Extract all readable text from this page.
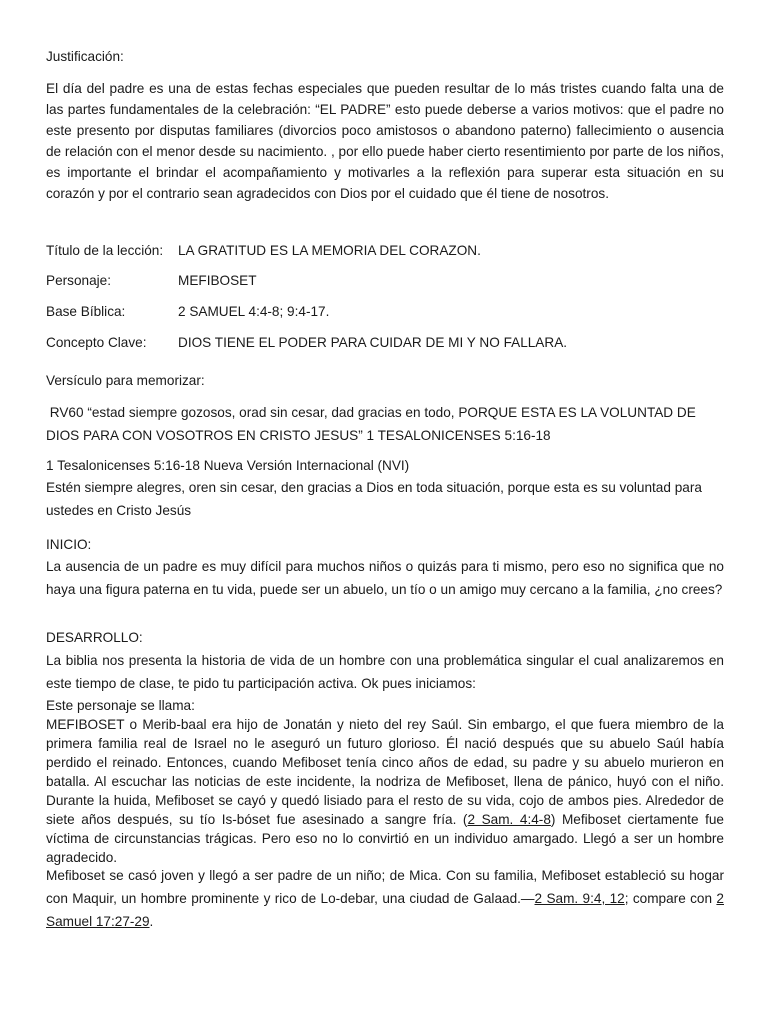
Justificación:

El día del padre es una de estas fechas especiales que pueden resultar de lo más tristes cuando falta una de las partes fundamentales de la celebración: “EL PADRE” esto puede deberse a varios motivos: que el padre no este presento por disputas familiares (divorcios poco amistosos o abandono paterno) fallecimiento o ausencia de relación con el menor desde su nacimiento. , por ello puede haber cierto resentimiento por parte de los niños, es importante el brindar el acompañamiento y motivarles a la reflexión para superar esta situación en su corazón y por el contrario sean agradecidos con Dios por el cuidado que él tiene de nosotros.

Título de la lección: LA GRATITUD ES LA MEMORIA DEL CORAZON.
Personaje:	MEFIBOSET
Base Bíblica:	2 SAMUEL 4:4-8; 9:4-17.
Concepto Clave: DIOS TIENE EL PODER PARA CUIDAR DE MI Y NO FALLARA.

Versículo para memorizar:

RV60 “estad siempre gozosos, orad sin cesar, dad gracias en todo, PORQUE ESTA ES LA VOLUNTAD DE DIOS PARA CON VOSOTROS EN CRISTO JESUS” 1 TESALONICENSES 5:16-18

1 Tesalonicenses 5:16-18 Nueva Versión Internacional (NVI)

Estén siempre alegres, oren sin cesar, den gracias a Dios en toda situación, porque esta es su voluntad para ustedes en Cristo Jesús

INICIO:

La ausencia de un padre es muy difícil para muchos niños o quizás para ti mismo, pero eso no significa que no haya una figura paterna en tu vida, puede ser un abuelo, un tío o un amigo muy cercano a la familia, ¿no crees?

DESARROLLO:

La biblia nos presenta la historia de vida de un hombre con una problemática singular el cual analizaremos en este tiempo de clase, te pido tu participación activa. Ok pues iniciamos:

Este personaje se llama:

MEFIBOSET o Merib-baal era hijo de Jonatán y nieto del rey Saúl. Sin embargo, el que fuera miembro de la primera familia real de Israel no le aseguró un futuro glorioso. Él nació después que su abuelo Saúl había perdido el reinado. Entonces, cuando Mefiboset tenía cinco años de edad, su padre y su abuelo murieron en batalla. Al escuchar las noticias de este incidente, la nodriza de Mefiboset, llena de pánico, huyó con el niño. Durante la huida, Mefiboset se cayó y quedó lisiado para el resto de su vida, cojo de ambos pies. Alrededor de siete años después, su tío Is-bóset fue asesinado a sangre fría. (2 Sam. 4:4-8) Mefiboset ciertamente fue víctima de circunstancias trágicas. Pero eso no lo convirtió en un individuo amargado. Llegó a ser un hombre agradecido.

Mefiboset se casó joven y llegó a ser padre de un niño; de Mica. Con su familia, Mefiboset estableció su hogar con Maquir, un hombre prominente y rico de Lo-debar, una ciudad de Galaad.—2 Sam. 9:4, 12; compare con 2 Samuel 17:27-29.
